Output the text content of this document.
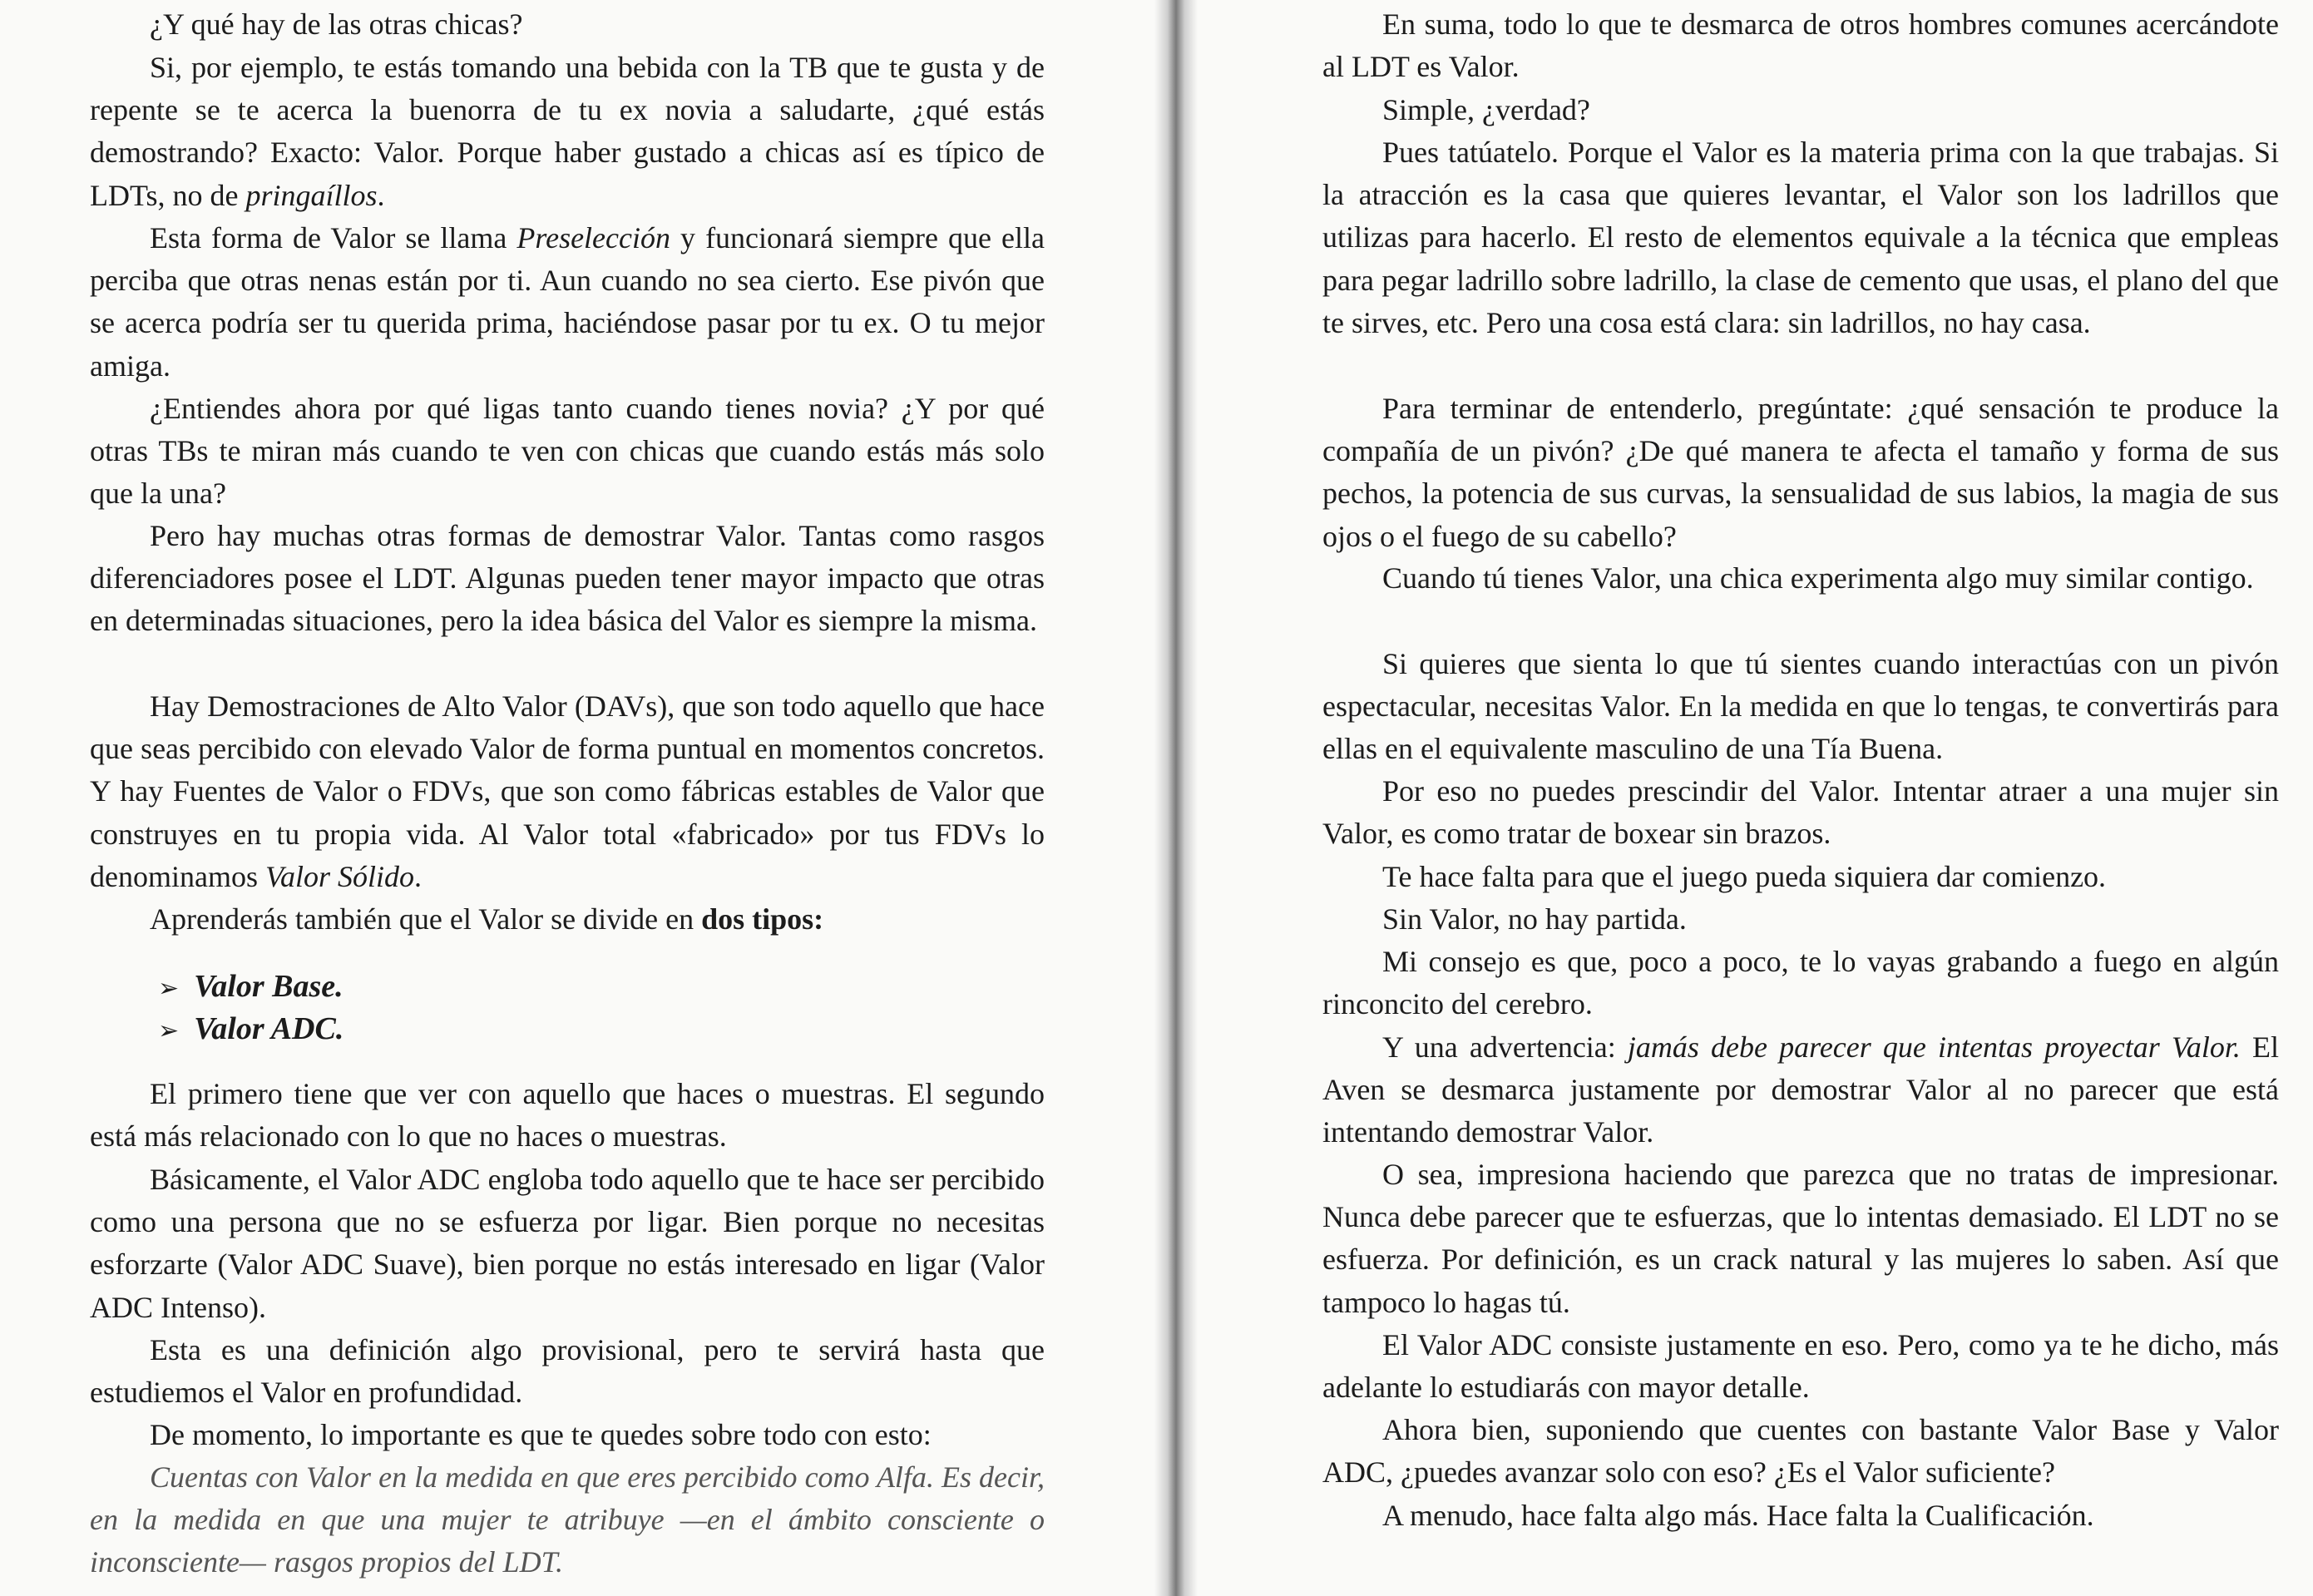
¿Y qué hay de las otras chicas?

Si, por ejemplo, te estás tomando una bebida con la TB que te gusta y de repente se te acerca la buenorra de tu ex novia a saludarte, ¿qué estás demostrando? Exacto: Valor. Porque haber gustado a chicas así es típico de LDTs, no de pringaíllos.

Esta forma de Valor se llama Preselección y funcionará siempre que ella perciba que otras nenas están por ti. Aun cuando no sea cierto. Ese pivón que se acerca podría ser tu querida prima, haciéndose pasar por tu ex. O tu mejor amiga.

¿Entiendes ahora por qué ligas tanto cuando tienes novia? ¿Y por qué otras TBs te miran más cuando te ven con chicas que cuando estás más solo que la una?

Pero hay muchas otras formas de demostrar Valor. Tantas como rasgos diferenciadores posee el LDT. Algunas pueden tener mayor impacto que otras en determinadas situaciones, pero la idea básica del Valor es siempre la misma.

Hay Demostraciones de Alto Valor (DAVs), que son todo aquello que hace que seas percibido con elevado Valor de forma puntual en momentos concretos. Y hay Fuentes de Valor o FDVs, que son como fábricas estables de Valor que construyes en tu propia vida. Al Valor total «fabricado» por tus FDVs lo denominamos Valor Sólido.

Aprenderás también que el Valor se divide en dos tipos:

➢ Valor Base.
➢ Valor ADC.

El primero tiene que ver con aquello que haces o muestras. El segundo está más relacionado con lo que no haces o muestras.

Básicamente, el Valor ADC engloba todo aquello que te hace ser percibido como una persona que no se esfuerza por ligar. Bien porque no necesitas esforzarte (Valor ADC Suave), bien porque no estás interesado en ligar (Valor ADC Intenso).

Esta es una definición algo provisional, pero te servirá hasta que estudiemos el Valor en profundidad.

De momento, lo importante es que te quedes sobre todo con esto:

Cuentas con Valor en la medida en que eres percibido como Alfa. Es decir, en la medida en que una mujer te atribuye —en el ámbito consciente o inconsciente— rasgos propios del LDT.

En suma, todo lo que te desmarca de otros hombres comunes acercándote al LDT es Valor.

Simple, ¿verdad?

Pues tatúatelo. Porque el Valor es la materia prima con la que trabajas. Si la atracción es la casa que quieres levantar, el Valor son los ladrillos que utilizas para hacerlo. El resto de elementos equivale a la técnica que empleas para pegar ladrillo sobre ladrillo, la clase de cemento que usas, el plano del que te sirves, etc. Pero una cosa está clara: sin ladrillos, no hay casa.

Para terminar de entenderlo, pregúntate: ¿qué sensación te produce la compañía de un pivón? ¿De qué manera te afecta el tamaño y forma de sus pechos, la potencia de sus curvas, la sensualidad de sus labios, la magia de sus ojos o el fuego de su cabello?

Cuando tú tienes Valor, una chica experimenta algo muy similar contigo.

Si quieres que sienta lo que tú sientes cuando interactúas con un pivón espectacular, necesitas Valor. En la medida en que lo tengas, te convertirás para ellas en el equivalente masculino de una Tía Buena.

Por eso no puedes prescindir del Valor. Intentar atraer a una mujer sin Valor, es como tratar de boxear sin brazos.

Te hace falta para que el juego pueda siquiera dar comienzo.

Sin Valor, no hay partida.

Mi consejo es que, poco a poco, te lo vayas grabando a fuego en algún rinconcito del cerebro.

Y una advertencia: jamás debe parecer que intentas proyectar Valor. El Aven se desmarca justamente por demostrar Valor al no parecer que está intentando demostrar Valor.

O sea, impresiona haciendo que parezca que no tratas de impresionar. Nunca debe parecer que te esfuerzas, que lo intentas demasiado. El LDT no se esfuerza. Por definición, es un crack natural y las mujeres lo saben. Así que tampoco lo hagas tú.

El Valor ADC consiste justamente en eso. Pero, como ya te he dicho, más adelante lo estudiarás con mayor detalle.

Ahora bien, suponiendo que cuentes con bastante Valor Base y Valor ADC, ¿puedes avanzar solo con eso? ¿Es el Valor suficiente?

A menudo, hace falta algo más. Hace falta la Cualificación.
